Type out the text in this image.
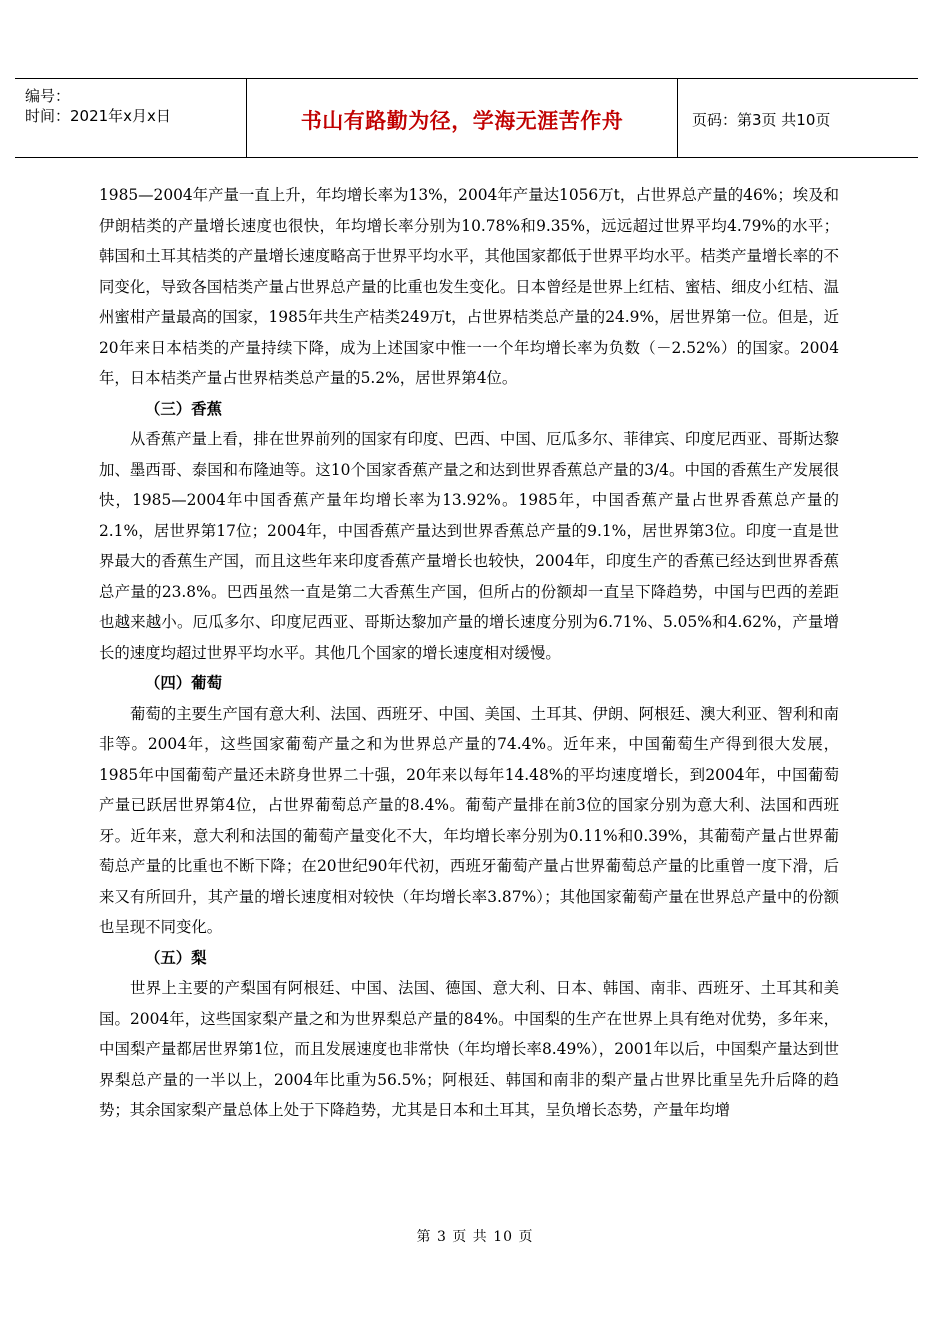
编号：
时间：2021年x月x日	书山有路勤为径，学海无涯苦作舟	页码：第3页 共10页

1985—2004年产量一直上升，年均增长率为13%，2004年产量达1056万t，占世界总产量的46%；埃及和伊朗桔类的产量增长速度也很快，年均增长率分别为10.78%和9.35%，远远超过世界平均4.79%的水平；韩国和土耳其桔类的产量增长速度略高于世界平均水平，其他国家都低于世界平均水平。桔类产量增长率的不同变化，导致各国桔类产量占世界总产量的比重也发生变化。日本曾经是世界上红桔、蜜桔、细皮小红桔、温州蜜柑产量最高的国家，1985年共生产桔类249万t，占世界桔类总产量的24.9%，居世界第一位。但是，近20年来日本桔类的产量持续下降，成为上述国家中惟一一个年均增长率为负数（－2.52%）的国家。2004年，日本桔类产量占世界桔类总产量的5.2%，居世界第4位。

（三）香蕉

从香蕉产量上看，排在世界前列的国家有印度、巴西、中国、厄瓜多尔、菲律宾、印度尼西亚、哥斯达黎加、墨西哥、泰国和布隆迪等。这10个国家香蕉产量之和达到世界香蕉总产量的3/4。中国的香蕉生产发展很快，1985—2004年中国香蕉产量年均增长率为13.92%。1985年，中国香蕉产量占世界香蕉总产量的2.1%，居世界第17位；2004年，中国香蕉产量达到世界香蕉总产量的9.1%，居世界第3位。印度一直是世界最大的香蕉生产国，而且这些年来印度香蕉产量增长也较快，2004年，印度生产的香蕉已经达到世界香蕉总产量的23.8%。巴西虽然一直是第二大香蕉生产国，但所占的份额却一直呈下降趋势，中国与巴西的差距也越来越小。厄瓜多尔、印度尼西亚、哥斯达黎加产量的增长速度分别为6.71%、5.05%和4.62%，产量增长的速度均超过世界平均水平。其他几个国家的增长速度相对缓慢。

（四）葡萄

葡萄的主要生产国有意大利、法国、西班牙、中国、美国、土耳其、伊朗、阿根廷、澳大利亚、智利和南非等。2004年，这些国家葡萄产量之和为世界总产量的74.4%。近年来，中国葡萄生产得到很大发展，1985年中国葡萄产量还未跻身世界二十强，20年来以每年14.48%的平均速度增长，到2004年，中国葡萄产量已跃居世界第4位，占世界葡萄总产量的8.4%。葡萄产量排在前3位的国家分别为意大利、法国和西班牙。近年来，意大利和法国的葡萄产量变化不大，年均增长率分别为0.11%和0.39%，其葡萄产量占世界葡萄总产量的比重也不断下降；在20世纪90年代初，西班牙葡萄产量占世界葡萄总产量的比重曾一度下滑，后来又有所回升，其产量的增长速度相对较快（年均增长率3.87%）；其他国家葡萄产量在世界总产量中的份额也呈现不同变化。

（五）梨

世界上主要的产梨国有阿根廷、中国、法国、德国、意大利、日本、韩国、南非、西班牙、土耳其和美国。2004年，这些国家梨产量之和为世界梨总产量的84%。中国梨的生产在世界上具有绝对优势，多年来，中国梨产量都居世界第1位，而且发展速度也非常快（年均增长率8.49%），2001年以后，中国梨产量达到世界梨总产量的一半以上，2004年比重为56.5%；阿根廷、韩国和南非的梨产量占世界比重呈先升后降的趋势；其余国家梨产量总体上处于下降趋势，尤其是日本和土耳其，呈负增长态势，产量年均增

第 3 页 共 10 页
